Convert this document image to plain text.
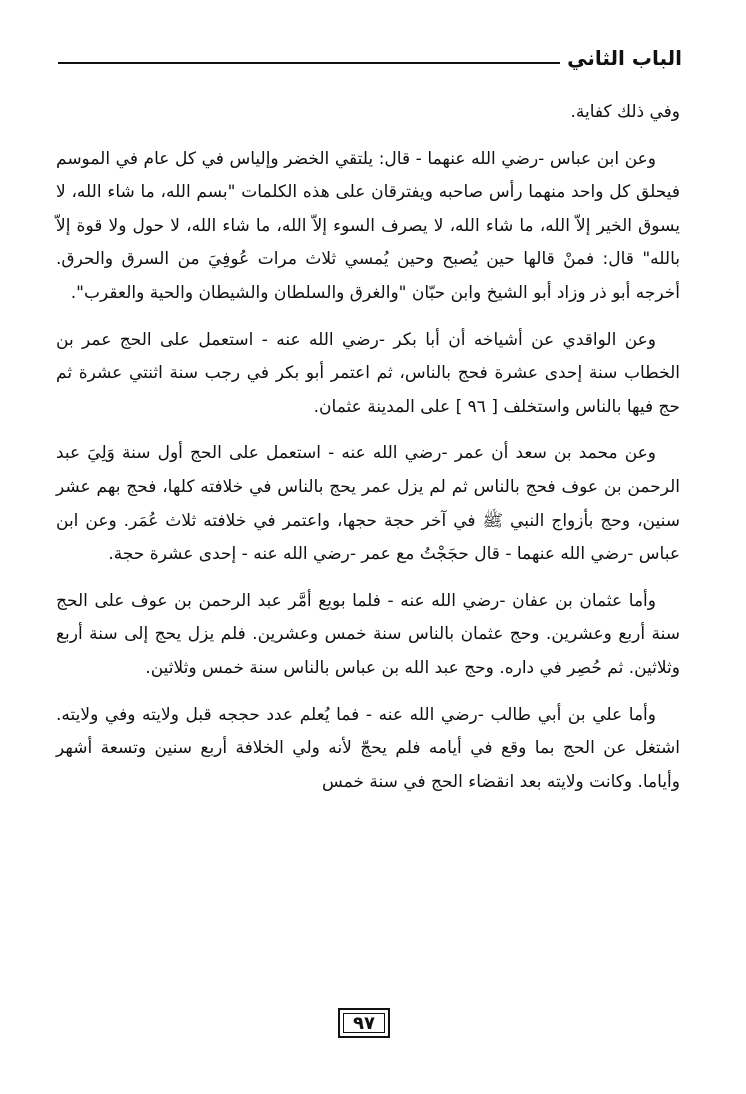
الباب الثاني

وفي ذلك كفاية.

وعن ابن عباس -رضي الله عنهما - قال: يلتقي الخضر وإلياس في كل عام في الموسم فيحلق كل واحد منهما رأس صاحبه ويفترقان على هذه الكلمات "بسم الله، ما شاء الله، لا يسوق الخير إلاّ الله، ما شاء الله، لا يصرف السوء إلاّ الله، ما شاء الله، لا حول ولا قوة إلاّ بالله" قال: فمنْ قالها حين يُصبح وحين يُمسي ثلاث مرات عُوفِيَ من السرق والحرق. أخرجه أبو ذر وزاد أبو الشيخ وابن حبّان "والغرق والسلطان والشيطان والحية والعقرب".

وعن الواقدي عن أشياخه أن أبا بكر -رضي الله عنه - استعمل على الحج عمر بن الخطاب سنة إحدى عشرة فحج بالناس، ثم اعتمر أبو بكر في رجب سنة اثنتي عشرة ثم حج فيها بالناس واستخلف [ ٩٦ ] على المدينة عثمان.

وعن محمد بن سعد أن عمر -رضي الله عنه - استعمل على الحج أول سنة وَلِيَ عبد الرحمن بن عوف فحج بالناس ثم لم يزل عمر يحج بالناس في خلافته كلها، فحج بهم عشر سنين، وحج بأزواج النبي ﷺ في آخر حجة حجها، واعتمر في خلافته ثلاث عُمَر. وعن ابن عباس -رضي الله عنهما - قال حجَجْتُ مع عمر -رضي الله عنه - إحدى عشرة حجة.

وأما عثمان بن عفان -رضي الله عنه - فلما بويع أمَّر عبد الرحمن بن عوف على الحج سنة أربع وعشرين. وحج عثمان بالناس سنة خمس وعشرين. فلم يزل يحج إلى سنة أربع وثلاثين. ثم حُصِر في داره. وحج عبد الله بن عباس بالناس سنة خمس وثلاثين.

وأما علي بن أبي طالب -رضي الله عنه - فما يُعلم عدد حججه قبل ولايته وفي ولايته. اشتغل عن الحج بما وقع في أيامه فلم يحجّ لأنه ولي الخلافة أربع سنين وتسعة أشهر وأياما. وكانت ولايته بعد انقضاء الحج في سنة خمس

٩٧
